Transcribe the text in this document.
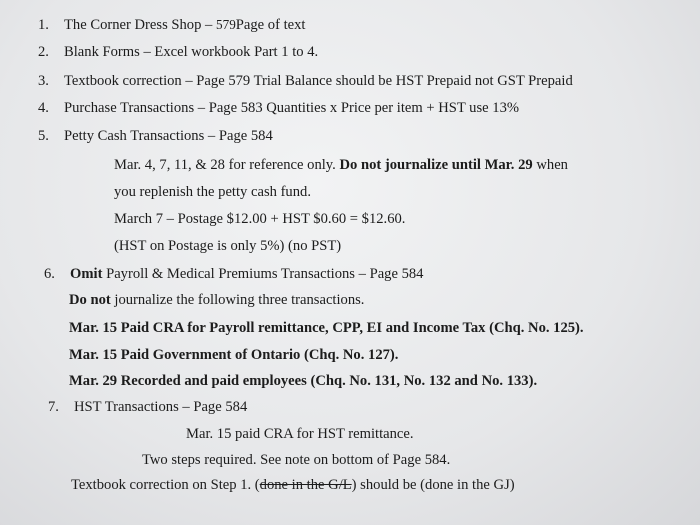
1. The Corner Dress Shop – 579Page of text
2. Blank Forms – Excel workbook Part 1 to 4.
3. Textbook correction – Page 579 Trial Balance should be HST Prepaid not GST Prepaid
4. Purchase Transactions – Page 583 Quantities x Price per item + HST use 13%
5. Petty Cash Transactions – Page 584
Mar. 4, 7, 11, & 28 for reference only. Do not journalize until Mar. 29 when
you replenish the petty cash fund.
March 7 – Postage $12.00 + HST $0.60 = $12.60.
(HST on Postage is only 5%) (no PST)
6. Omit Payroll & Medical Premiums Transactions – Page 584
Do not journalize the following three transactions.
Mar. 15 Paid CRA for Payroll remittance, CPP, EI and Income Tax (Chq. No. 125).
Mar. 15 Paid Government of Ontario (Chq. No. 127).
Mar. 29 Recorded and paid employees (Chq. No. 131, No. 132 and No. 133).
7. HST Transactions – Page 584
Mar. 15 paid CRA for HST remittance.
Two steps required. See note on bottom of Page 584.
Textbook correction on Step 1. (done in the G/L) should be (done in the GJ)
